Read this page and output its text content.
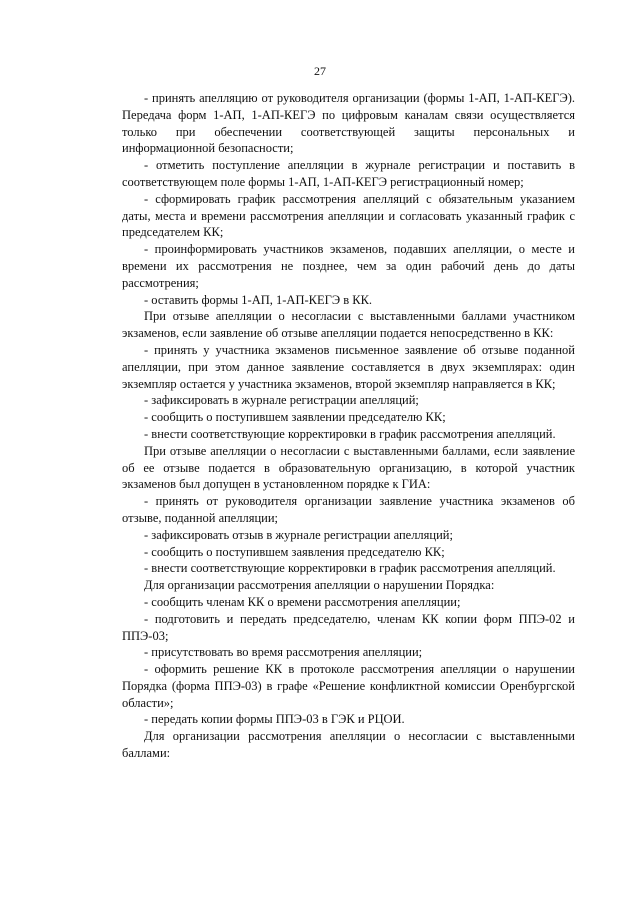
27

- принять апелляцию от руководителя организации (формы 1-АП, 1-АП-КЕГЭ). Передача форм 1-АП, 1-АП-КЕГЭ по цифровым каналам связи осуществляется только при обеспечении соответствующей защиты персональных и информационной безопасности;

- отметить поступление апелляции в журнале регистрации и поставить в соответствующем поле формы 1-АП, 1-АП-КЕГЭ регистрационный номер;

- сформировать график рассмотрения апелляций с обязательным указанием даты, места и времени рассмотрения апелляции и согласовать указанный график с председателем КК;

- проинформировать участников экзаменов, подавших апелляции, о месте и времени их рассмотрения не позднее, чем за один рабочий день до даты рассмотрения;

- оставить формы 1-АП, 1-АП-КЕГЭ в КК.

При отзыве апелляции о несогласии с выставленными баллами участником экзаменов, если заявление об отзыве апелляции подается непосредственно в КК:

- принять у участника экзаменов письменное заявление об отзыве поданной апелляции, при этом данное заявление составляется в двух экземплярах: один экземпляр остается у участника экзаменов, второй экземпляр направляется в КК;

- зафиксировать в журнале регистрации апелляций;

- сообщить о поступившем заявлении председателю КК;

- внести соответствующие корректировки в график рассмотрения апелляций.

При отзыве апелляции о несогласии с выставленными баллами, если заявление об ее отзыве подается в образовательную организацию, в которой участник экзаменов был допущен в установленном порядке к ГИА:

- принять от руководителя организации заявление участника экзаменов об отзыве, поданной апелляции;

- зафиксировать отзыв в журнале регистрации апелляций;

- сообщить о поступившем заявления председателю КК;

- внести соответствующие корректировки в график рассмотрения апелляций.

Для организации рассмотрения апелляции о нарушении Порядка:

- сообщить членам КК о времени рассмотрения апелляции;

- подготовить и передать председателю, членам КК копии форм ППЭ-02 и ППЭ-03;

- присутствовать во время рассмотрения апелляции;

- оформить решение КК в протоколе рассмотрения апелляции о нарушении Порядка (форма ППЭ-03) в графе «Решение конфликтной комиссии Оренбургской области»;

- передать копии формы ППЭ-03 в ГЭК и РЦОИ.

Для организации рассмотрения апелляции о несогласии с выставленными баллами:
